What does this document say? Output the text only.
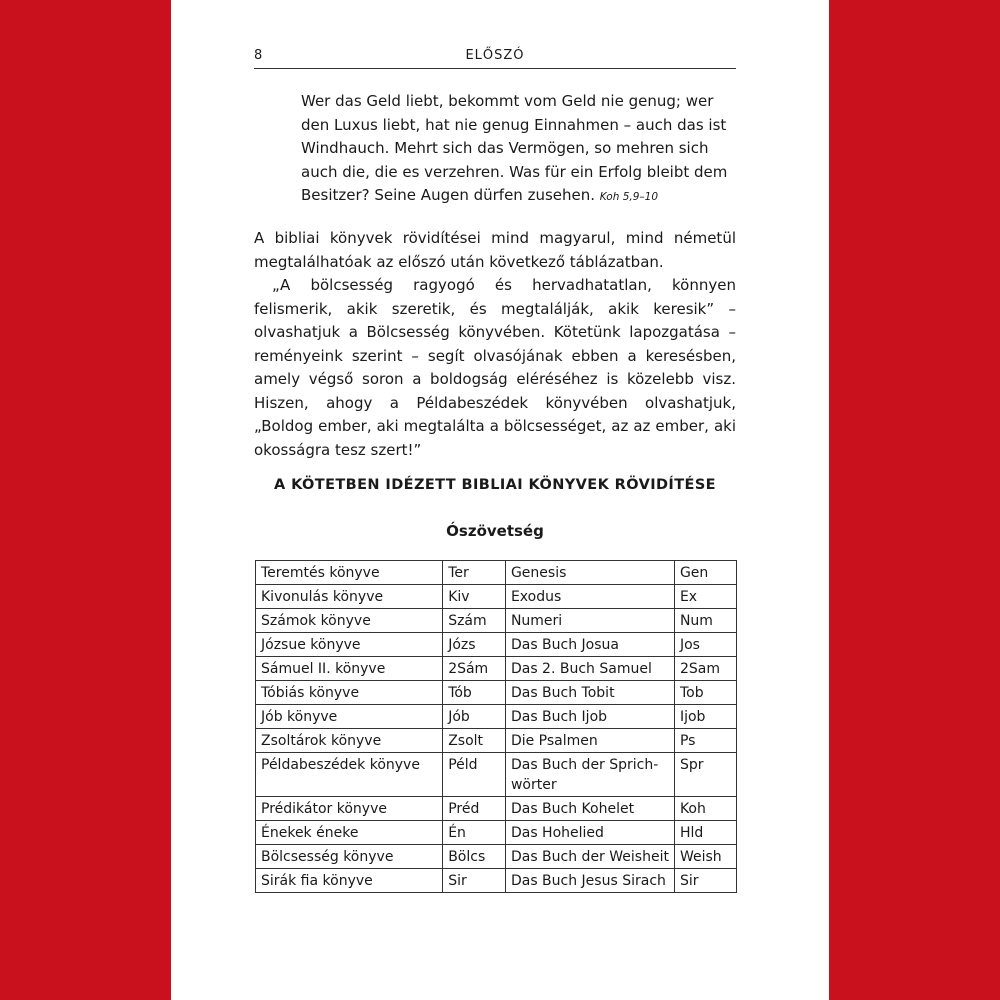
8	ELŐSZÓ
Wer das Geld liebt, bekommt vom Geld nie genug; wer den Luxus liebt, hat nie genug Einnahmen – auch das ist Windhauch. Mehrt sich das Vermögen, so mehren sich auch die, die es verzehren. Was für ein Erfolg bleibt dem Besitzer? Seine Augen dürfen zusehen. Koh 5,9–10

A bibliai könyvek rövidítései mind magyarul, mind németül megtalálhatóak az előszó után következő táblázatban.

„A bölcsesség ragyogó és hervadhatatlan, könnyen felismerik, akik szeretik, és megtalálják, akik keresik” – olvashatjuk a Bölcsesség könyvében. Kötetünk lapozgatása – reményeink szerint – segít olvasójának ebben a keresésben, amely végső soron a boldogság eléréséhez is közelebb visz. Hiszen, ahogy a Példabeszédek könyvében olvashatjuk, „Boldog ember, aki megtalálta a bölcsességet, az az ember, aki okosságra tesz szert!”

A KÖTETBEN IDÉZETT BIBLIAI KÖNYVEK RÖVIDÍTÉSE
Ószövetség
Teremtés könyve	Ter	Genesis	Gen
Kivonulás könyve	Kiv	Exodus	Ex
Számok könyve	Szám	Numeri	Num
Józsue könyve	Józs	Das Buch Josua	Jos
Sámuel II. könyve	2Sám	Das 2. Buch Samuel	2Sam
Tóbiás könyve	Tób	Das Buch Tobit	Tob
Jób könyve	Jób	Das Buch Ijob	Ijob
Zsoltárok könyve	Zsolt	Die Psalmen	Ps
Példabeszédek könyve	Péld	Das Buch der Sprichwörter	Spr
Prédikátor könyve	Préd	Das Buch Kohelet	Koh
Énekek éneke	Én	Das Hohelied	Hld
Bölcsesség könyve	Bölcs	Das Buch der Weisheit	Weish
Sirák fia könyve	Sir	Das Buch Jesus Sirach	Sir
